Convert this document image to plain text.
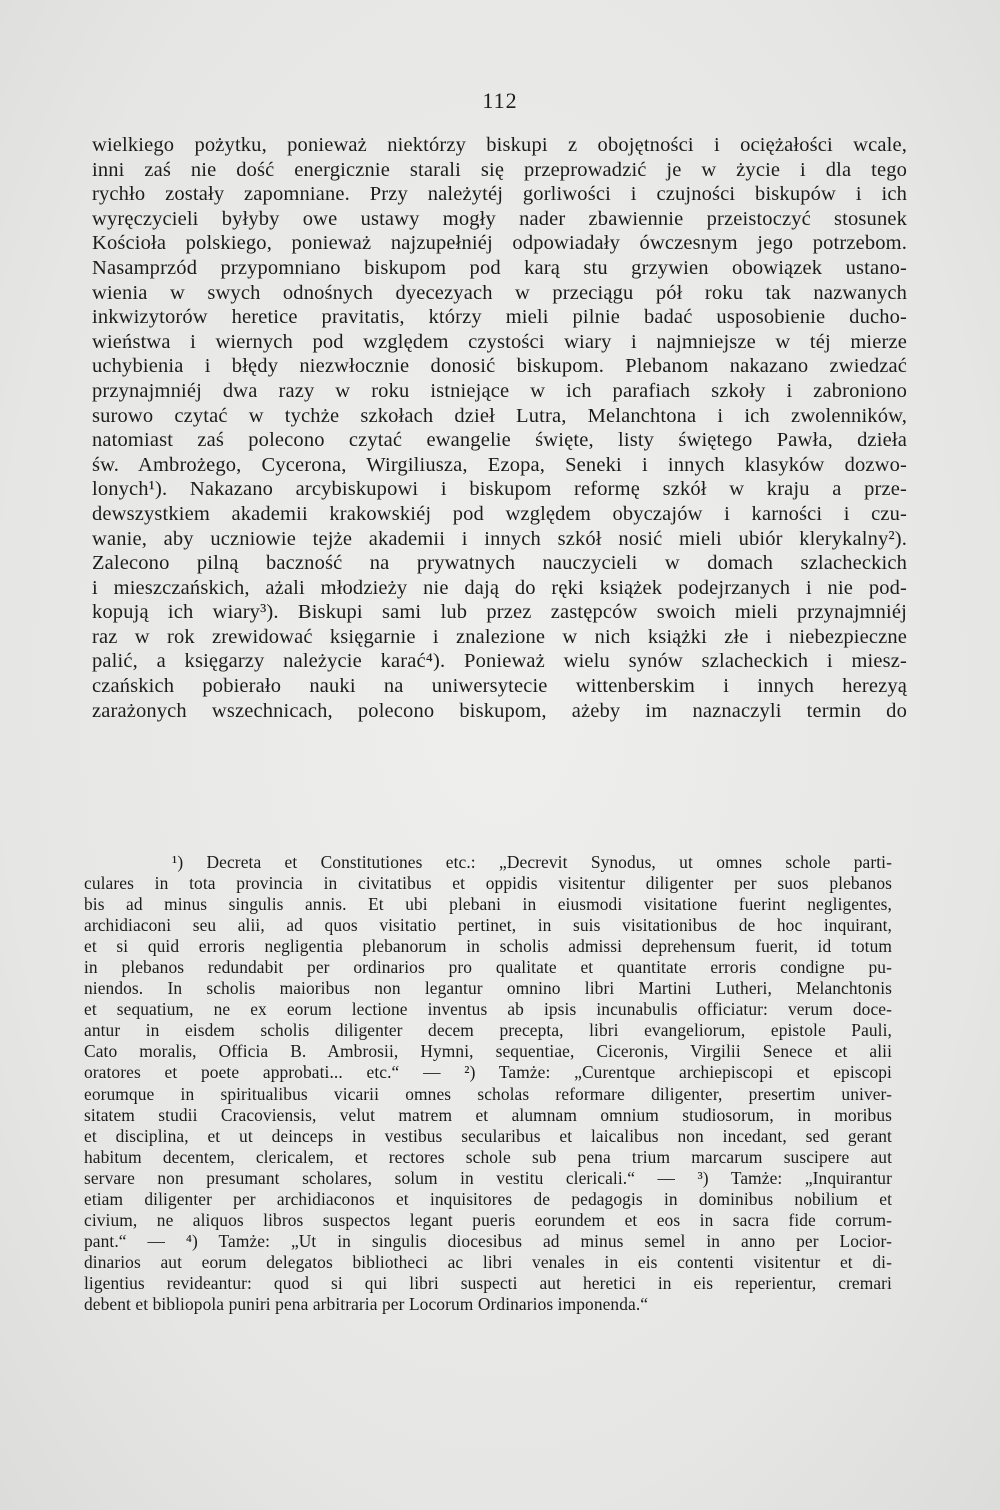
112
wielkiego pożytku, ponieważ niektórzy biskupi z obojętności i ociężałości wcale,
inni zaś nie dość energicznie starali się przeprowadzić je w życie i dla tego
rychło zostały zapomniane. Przy należytéj gorliwości i czujności biskupów i ich
wyręczycieli byłyby owe ustawy mogły nader zbawiennie przeistoczyć stosunek
Kościoła polskiego, ponieważ najzupełniéj odpowiadały ówczesnym jego potrzebom.
Nasamprzód przypomniano biskupom pod karą stu grzywien obowiązek ustano-
wienia w swych odnośnych dyecezyach w przeciągu pół roku tak nazwanych
inkwizytorów heretice pravitatis, którzy mieli pilnie badać usposobienie ducho-
wieństwa i wiernych pod względem czystości wiary i najmniejsze w téj mierze
uchybienia i błędy niezwłocznie donosić biskupom. Plebanom nakazano zwiedzać
przynajmniéj dwa razy w roku istniejące w ich parafiach szkoły i zabroniono
surowo czytać w tychże szkołach dzieł Lutra, Melanchtona i ich zwolenników,
natomiast zaś polecono czytać ewangelie święte, listy świętego Pawła, dzieła
św. Ambrożego, Cycerona, Wirgiliusza, Ezopa, Seneki i innych klasyków dozwo-
lonych¹). Nakazano arcybiskupowi i biskupom reformę szkół w kraju a prze-
dewszystkiem akademii krakowskiéj pod względem obyczajów i karności i czu-
wanie, aby uczniowie tejże akademii i innych szkół nosić mieli ubiór klerykalny²).
Zalecono pilną baczność na prywatnych nauczycieli w domach szlacheckich
i mieszczańskich, ażali młodzieży nie dają do ręki książek podejrzanych i nie pod-
kopują ich wiary³). Biskupi sami lub przez zastępców swoich mieli przynajmniéj
raz w rok zrewidować księgarnie i znalezione w nich książki złe i niebezpieczne
palić, a księgarzy należycie karać⁴). Ponieważ wielu synów szlacheckich i miesz-
czańskich pobierało nauki na uniwersytecie wittenberskim i innych herezyą
zarażonych wszechnicach, polecono biskupom, ażeby im naznaczyli termin do
¹) Decreta et Constitutiones etc.: „Decrevit Synodus, ut omnes schole parti-
culares in tota provincia in civitatibus et oppidis visitentur diligenter per suos plebanos
bis ad minus singulis annis. Et ubi plebani in eiusmodi visitatione fuerint negligentes,
archidiaconi seu alii, ad quos visitatio pertinet, in suis visitationibus de hoc inquirant,
et si quid erroris negligentia plebanorum in scholis admissi deprehensum fuerit, id totum
in plebanos redundabit per ordinarios pro qualitate et quantitate erroris condigne pu-
niendos. In scholis maioribus non legantur omnino libri Martini Lutheri, Melanchtonis
et sequatium, ne ex eorum lectione inventus ab ipsis incunabulis officiatur: verum doce-
antur in eisdem scholis diligenter decem precepta, libri evangeliorum, epistole Pauli,
Cato moralis, Officia B. Ambrosii, Hymni, sequentiae, Ciceronis, Virgilii Senece et alii
oratores et poete approbati... etc.“ — ²) Tamże: „Curentque archiepiscopi et episcopi
eorumque in spiritualibus vicarii omnes scholas reformare diligenter, presertim univer-
sitatem studii Cracoviensis, velut matrem et alumnam omnium studiosorum, in moribus
et disciplina, et ut deinceps in vestibus secularibus et laicalibus non incedant, sed gerant
habitum decentem, clericalem, et rectores schole sub pena trium marcarum suscipere aut
servare non presumant scholares, solum in vestitu clericali.“ — ³) Tamże: „Inquirantur
etiam diligenter per archidiaconos et inquisitores de pedagogis in dominibus nobilium et
civium, ne aliquos libros suspectos legant pueris eorundem et eos in sacra fide corrum-
pant.“ — ⁴) Tamże: „Ut in singulis diocesibus ad minus semel in anno per Locior-
dinarios aut eorum delegatos bibliotheci ac libri venales in eis contenti visitentur et di-
ligentius revideantur: quod si qui libri suspecti aut heretici in eis reperientur, cremari
debent et bibliopola puniri pena arbitraria per Locorum Ordinarios imponenda.“
